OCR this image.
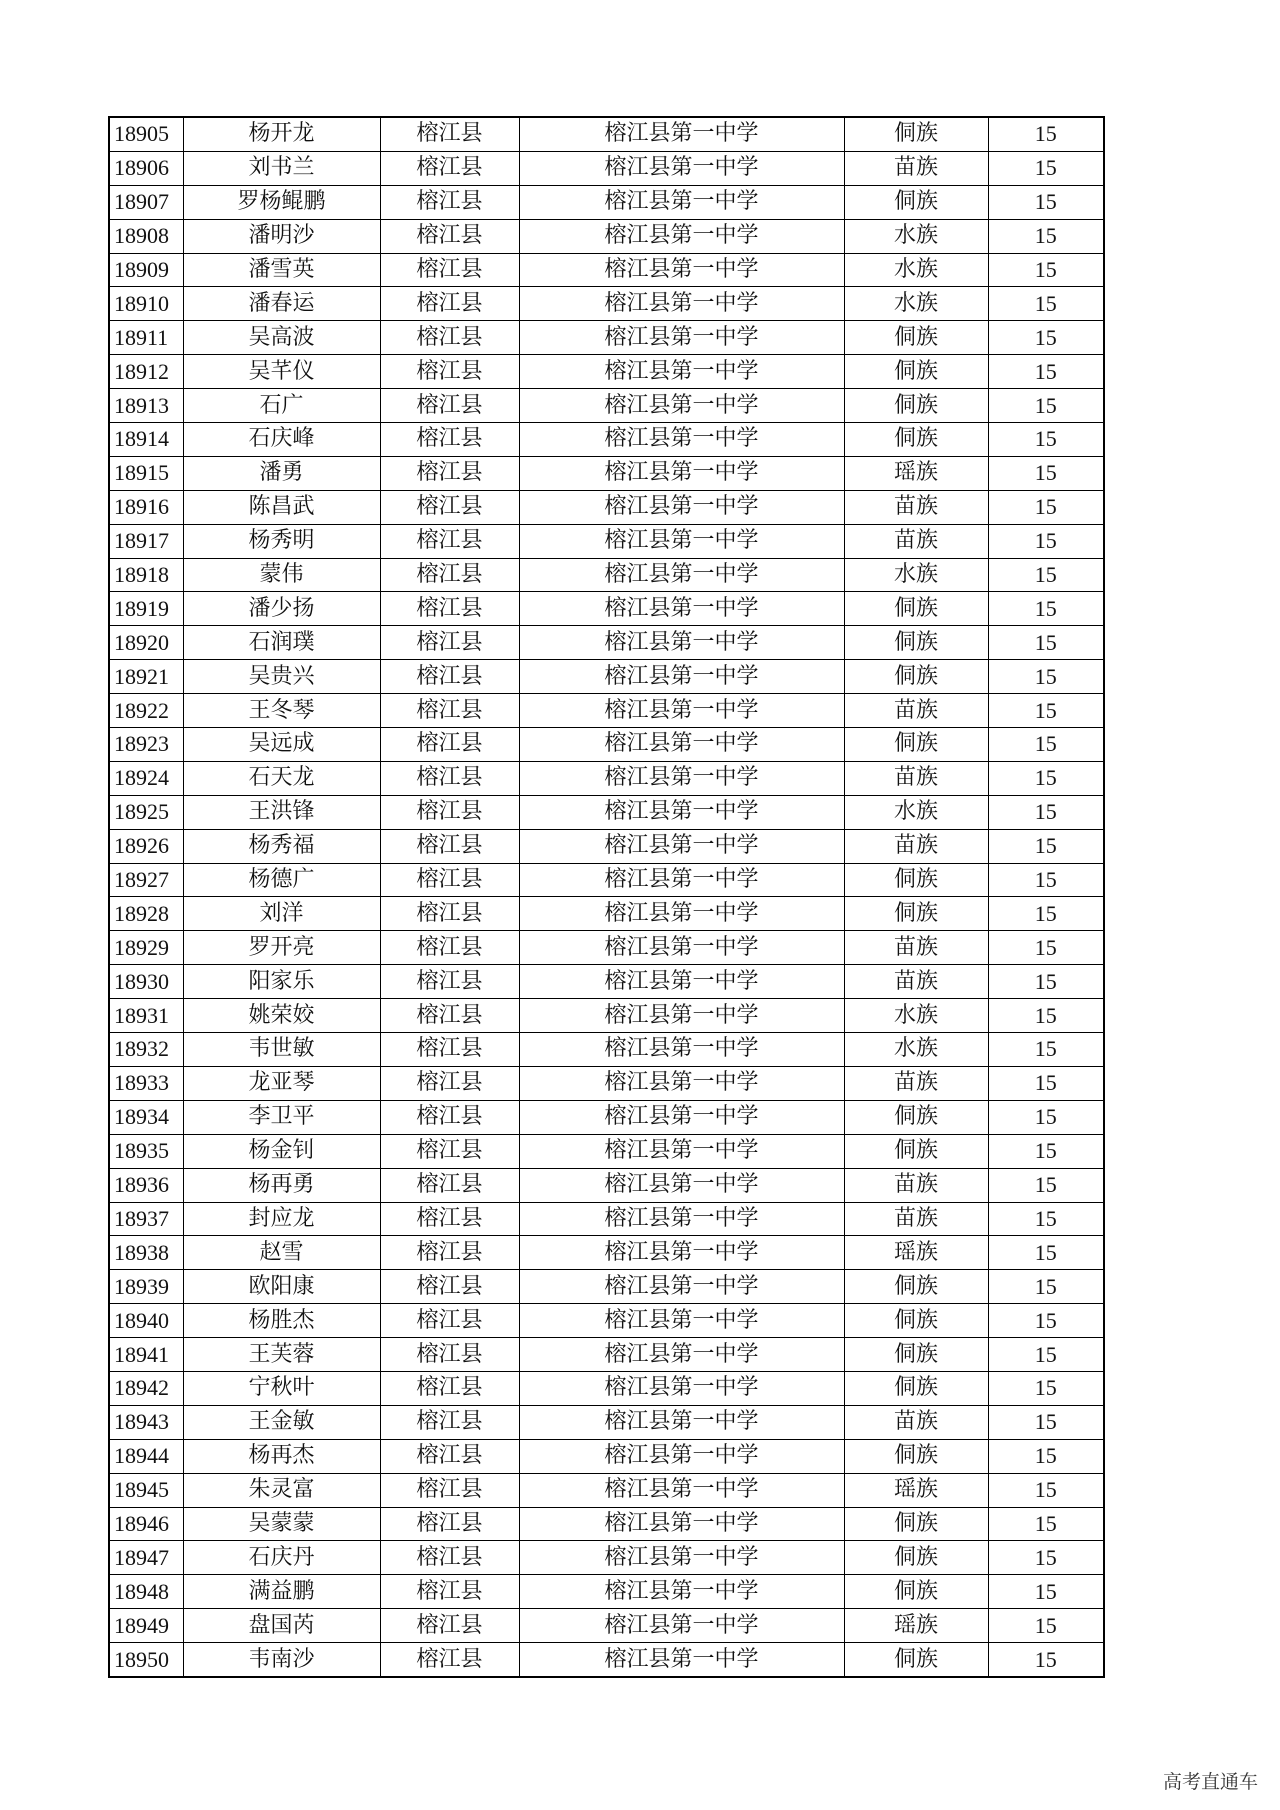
18905	杨开龙	榕江县	榕江县第一中学	侗族	15
18906	刘书兰	榕江县	榕江县第一中学	苗族	15
18907	罗杨鲲鹏	榕江县	榕江县第一中学	侗族	15
18908	潘明沙	榕江县	榕江县第一中学	水族	15
18909	潘雪英	榕江县	榕江县第一中学	水族	15
18910	潘春运	榕江县	榕江县第一中学	水族	15
18911	吴高波	榕江县	榕江县第一中学	侗族	15
18912	吴芊仪	榕江县	榕江县第一中学	侗族	15
18913	石广	榕江县	榕江县第一中学	侗族	15
18914	石庆峰	榕江县	榕江县第一中学	侗族	15
18915	潘勇	榕江县	榕江县第一中学	瑶族	15
18916	陈昌武	榕江县	榕江县第一中学	苗族	15
18917	杨秀明	榕江县	榕江县第一中学	苗族	15
18918	蒙伟	榕江县	榕江县第一中学	水族	15
18919	潘少扬	榕江县	榕江县第一中学	侗族	15
18920	石润璞	榕江县	榕江县第一中学	侗族	15
18921	吴贵兴	榕江县	榕江县第一中学	侗族	15
18922	王冬琴	榕江县	榕江县第一中学	苗族	15
18923	吴远成	榕江县	榕江县第一中学	侗族	15
18924	石天龙	榕江县	榕江县第一中学	苗族	15
18925	王洪锋	榕江县	榕江县第一中学	水族	15
18926	杨秀福	榕江县	榕江县第一中学	苗族	15
18927	杨德广	榕江县	榕江县第一中学	侗族	15
18928	刘洋	榕江县	榕江县第一中学	侗族	15
18929	罗开亮	榕江县	榕江县第一中学	苗族	15
18930	阳家乐	榕江县	榕江县第一中学	苗族	15
18931	姚荣姣	榕江县	榕江县第一中学	水族	15
18932	韦世敏	榕江县	榕江县第一中学	水族	15
18933	龙亚琴	榕江县	榕江县第一中学	苗族	15
18934	李卫平	榕江县	榕江县第一中学	侗族	15
18935	杨金钊	榕江县	榕江县第一中学	侗族	15
18936	杨再勇	榕江县	榕江县第一中学	苗族	15
18937	封应龙	榕江县	榕江县第一中学	苗族	15
18938	赵雪	榕江县	榕江县第一中学	瑶族	15
18939	欧阳康	榕江县	榕江县第一中学	侗族	15
18940	杨胜杰	榕江县	榕江县第一中学	侗族	15
18941	王芙蓉	榕江县	榕江县第一中学	侗族	15
18942	宁秋叶	榕江县	榕江县第一中学	侗族	15
18943	王金敏	榕江县	榕江县第一中学	苗族	15
18944	杨再杰	榕江县	榕江县第一中学	侗族	15
18945	朱灵富	榕江县	榕江县第一中学	瑶族	15
18946	吴蒙蒙	榕江县	榕江县第一中学	侗族	15
18947	石庆丹	榕江县	榕江县第一中学	侗族	15
18948	满益鹏	榕江县	榕江县第一中学	侗族	15
18949	盘国芮	榕江县	榕江县第一中学	瑶族	15
18950	韦南沙	榕江县	榕江县第一中学	侗族	15
高考直通车
